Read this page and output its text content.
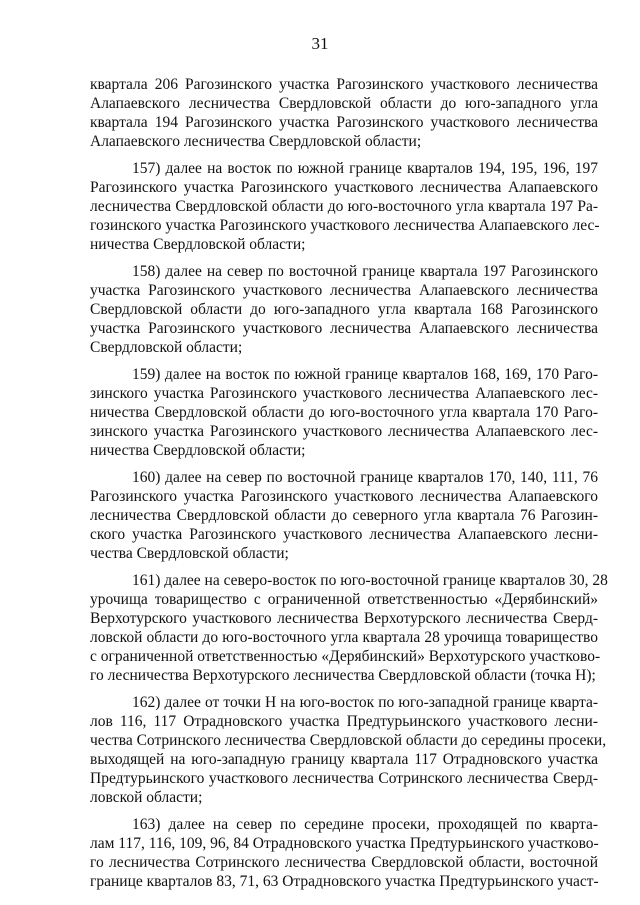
31
квартала 206 Рагозинского участка Рагозинского участкового лесничества
Алапаевского лесничества Свердловской области до юго-западного угла
квартала 194 Рагозинского участка Рагозинского участкового лесничества
Алапаевского лесничества Свердловской области;
157) далее на восток по южной границе кварталов 194, 195, 196, 197
Рагозинского участка Рагозинского участкового лесничества Алапаевского
лесничества Свердловской области до юго-восточного угла квартала 197 Ра-
гозинского участка Рагозинского участкового лесничества Алапаевского лес-
ничества Свердловской области;
158) далее на север по восточной границе квартала 197 Рагозинского
участка Рагозинского участкового лесничества Алапаевского лесничества
Свердловской области до юго-западного угла квартала 168 Рагозинского
участка Рагозинского участкового лесничества Алапаевского лесничества
Свердловской области;
159) далее на восток по южной границе кварталов 168, 169, 170 Раго-
зинского участка Рагозинского участкового лесничества Алапаевского лес-
ничества Свердловской области до юго-восточного угла квартала 170 Раго-
зинского участка Рагозинского участкового лесничества Алапаевского лес-
ничества Свердловской области;
160) далее на север по восточной границе кварталов 170, 140, 111, 76
Рагозинского участка Рагозинского участкового лесничества Алапаевского
лесничества Свердловской области до северного угла квартала 76 Рагозин-
ского участка Рагозинского участкового лесничества Алапаевского лесни-
чества Свердловской области;
161) далее на северо-восток по юго-восточной границе кварталов 30, 28
урочища товарищество с ограниченной ответственностью «Дерябинский»
Верхотурского участкового лесничества Верхотурского лесничества Сверд-
ловской области до юго-восточного угла квартала 28 урочища товарищество
с ограниченной ответственностью «Дерябинский» Верхотурского участково-
го лесничества Верхотурского лесничества Свердловской области (точка Н);
162) далее от точки Н на юго-восток по юго-западной границе кварта-
лов 116, 117 Отрадновского участка Предтурьинского участкового лесни-
чества Сотринского лесничества Свердловской области до середины просеки,
выходящей на юго-западную границу квартала 117 Отрадновского участка
Предтурьинского участкового лесничества Сотринского лесничества Сверд-
ловской области;
163) далее на север по середине просеки, проходящей по кварта-
лам 117, 116, 109, 96, 84 Отрадновского участка Предтурьинского участково-
го лесничества Сотринского лесничества Свердловской области, восточной
границе кварталов 83, 71, 63 Отрадновского участка Предтурьинского участ-
